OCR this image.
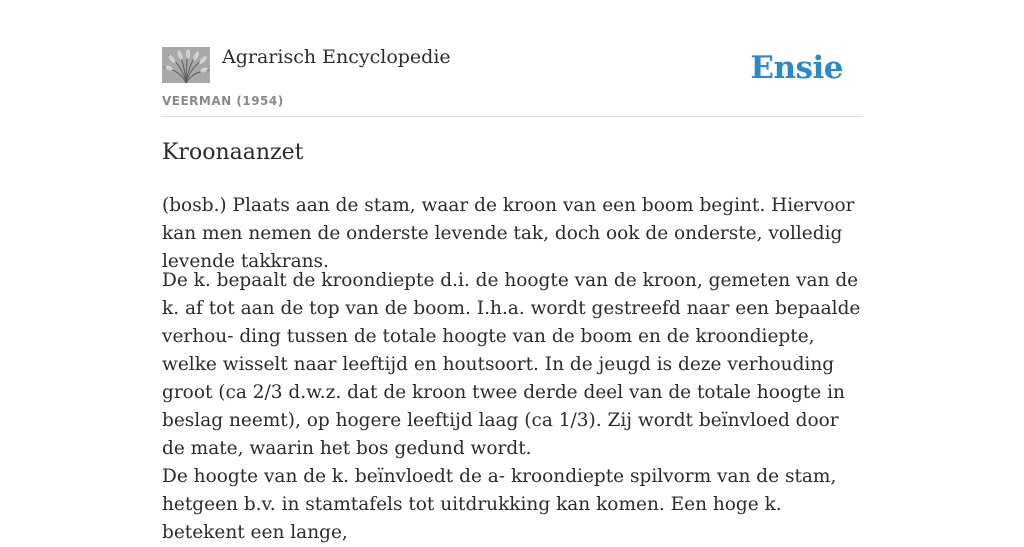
Agrarisch Encyclopedie
VEERMAN (1954)
Ensie
Kroonaanzet

(bosb.) Plaats aan de stam, waar de kroon van een boom begint. Hiervoor kan men nemen de onderste levende tak, doch ook de onderste, volledig levende takkrans.

De k. bepaalt de kroondiepte d.i. de hoogte van de kroon, gemeten van de k. af tot aan de top van de boom. I.h.a. wordt gestreefd naar een bepaalde verhou- ding tussen de totale hoogte van de boom en de kroondiepte, welke wisselt naar leeftijd en houtsoort. In de jeugd is deze verhouding groot (ca 2/3 d.w.z. dat de kroon twee derde deel van de totale hoogte in beslag neemt), op hogere leeftijd laag (ca 1/3). Zij wordt beïnvloed door de mate, waarin het bos gedund wordt.

De hoogte van de k. beïnvloedt de a- kroondiepte spilvorm van de stam, hetgeen b.v. in stamtafels tot uitdrukking kan komen. Een hoge k. betekent een lange,
